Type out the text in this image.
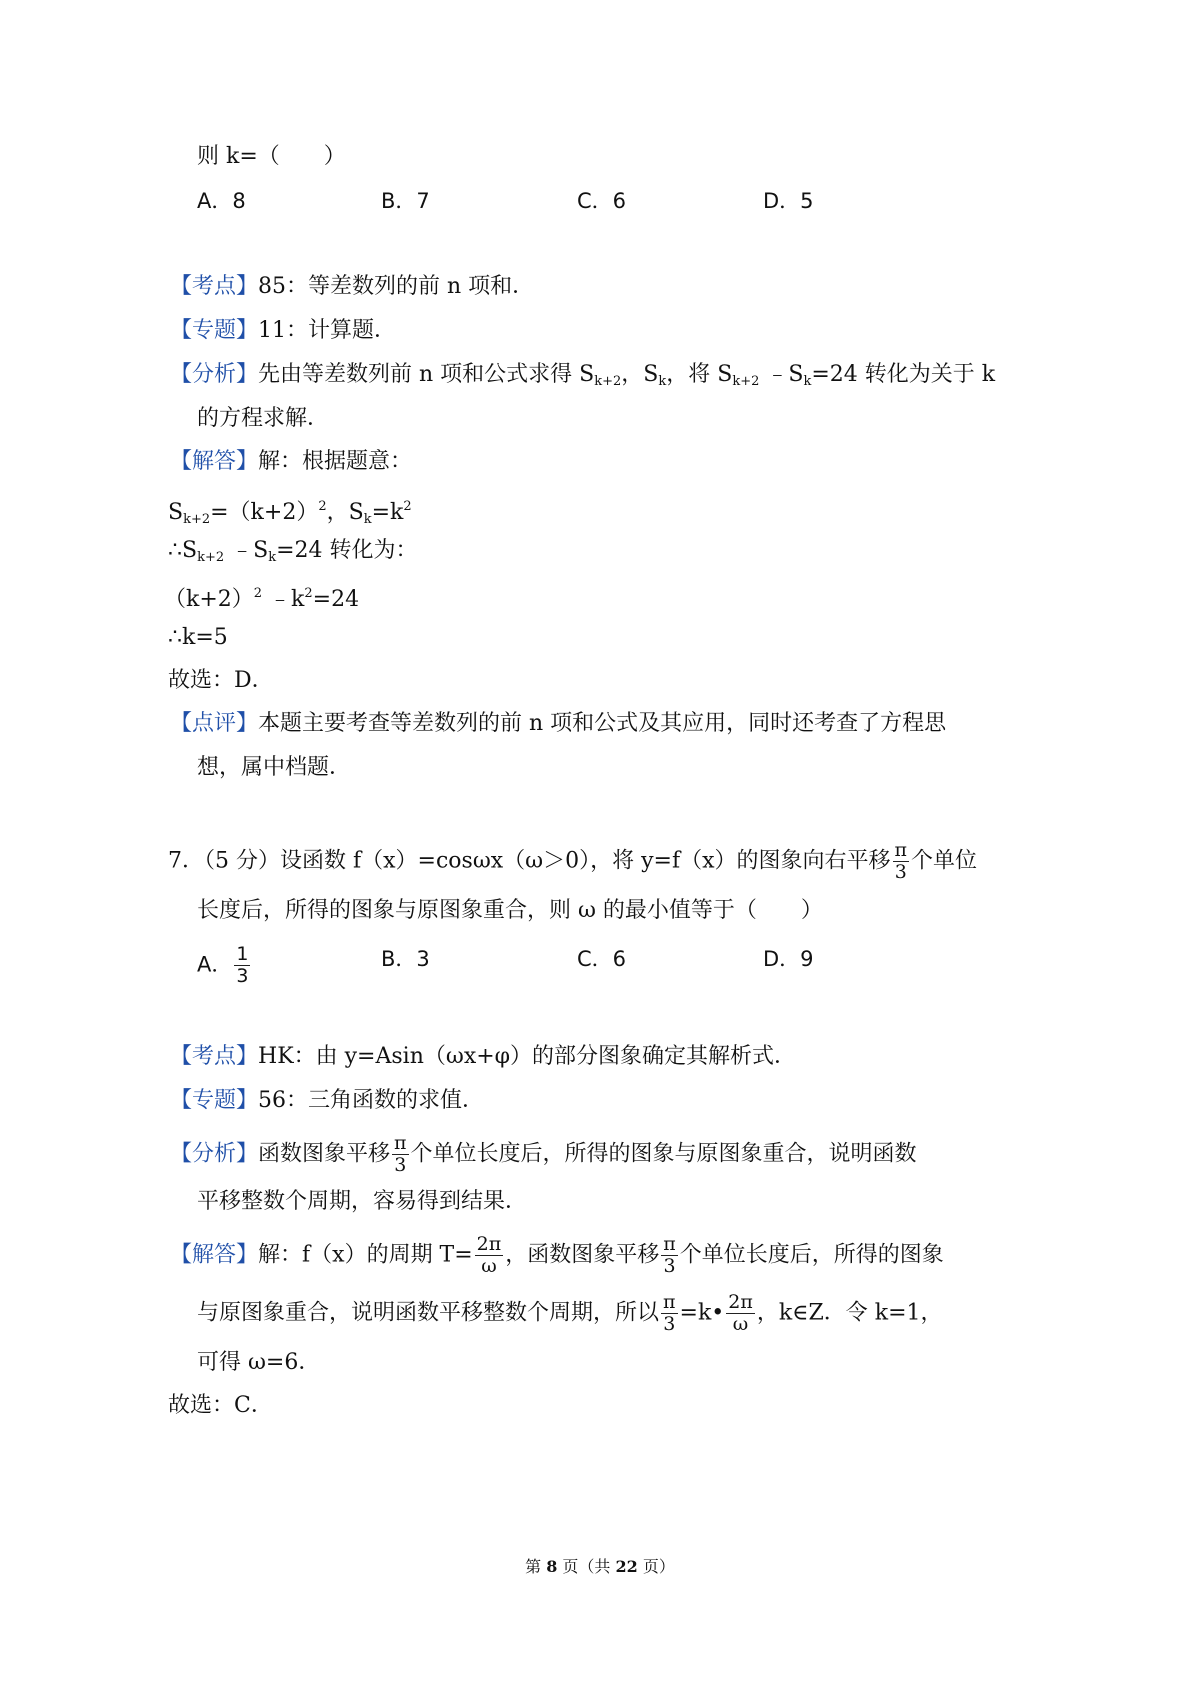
则 k=（　　）
A．8	B．7	C．6	D．5
【考点】85：等差数列的前 n 项和．
【专题】11：计算题．
【分析】先由等差数列前 n 项和公式求得 $S_{k+2}$，$S_k$，将 $S_{k+2}$ $﹣S_k=24$ 转化为关于 k
的方程求解．
【解答】解：根据题意：
$S_{k+2}=(k+2)^2$，$S_k=k^2$
$\therefore S_{k+2}$ $﹣S_k=24$ 转化为：
$(k+2)^2$ $﹣k^2=24$
∴k=5
故选：D．
【点评】本题主要考查等差数列的前 n 项和公式及其应用，同时还考查了方程思
想，属中档题．
7．（5 分）设函数 f（x）=cosωx（ω＞0），将 y=f（x）的图象向右平移 $\frac{\pi}{3}$ 个单位
长度后，所得的图象与原图象重合，则 ω 的最小值等于（　　）
A． $\frac{1}{3}$	B．3	C．6	D．9
【考点】HK：由 y=Asin（ωx+φ）的部分图象确定其解析式．
【专题】56：三角函数的求值．
【分析】函数图象平移 $\frac{\pi}{3}$ 个单位长度后，所得的图象与原图象重合，说明函数
平移整数个周期，容易得到结果．
【解答】解：f（x）的周期 $T= \frac{2\pi}{\omega}$ ，函数图象平移 $\frac{\pi}{3}$ 个单位长度后，所得的图象
与原图象重合，说明函数平移整数个周期，所以 $\frac{\pi}{3}$ =k• $\frac{2\pi}{\omega}$ ，k∈Z．令 k=1，
可得 ω=6．
故选：C．
第 8 页（共 22 页）
